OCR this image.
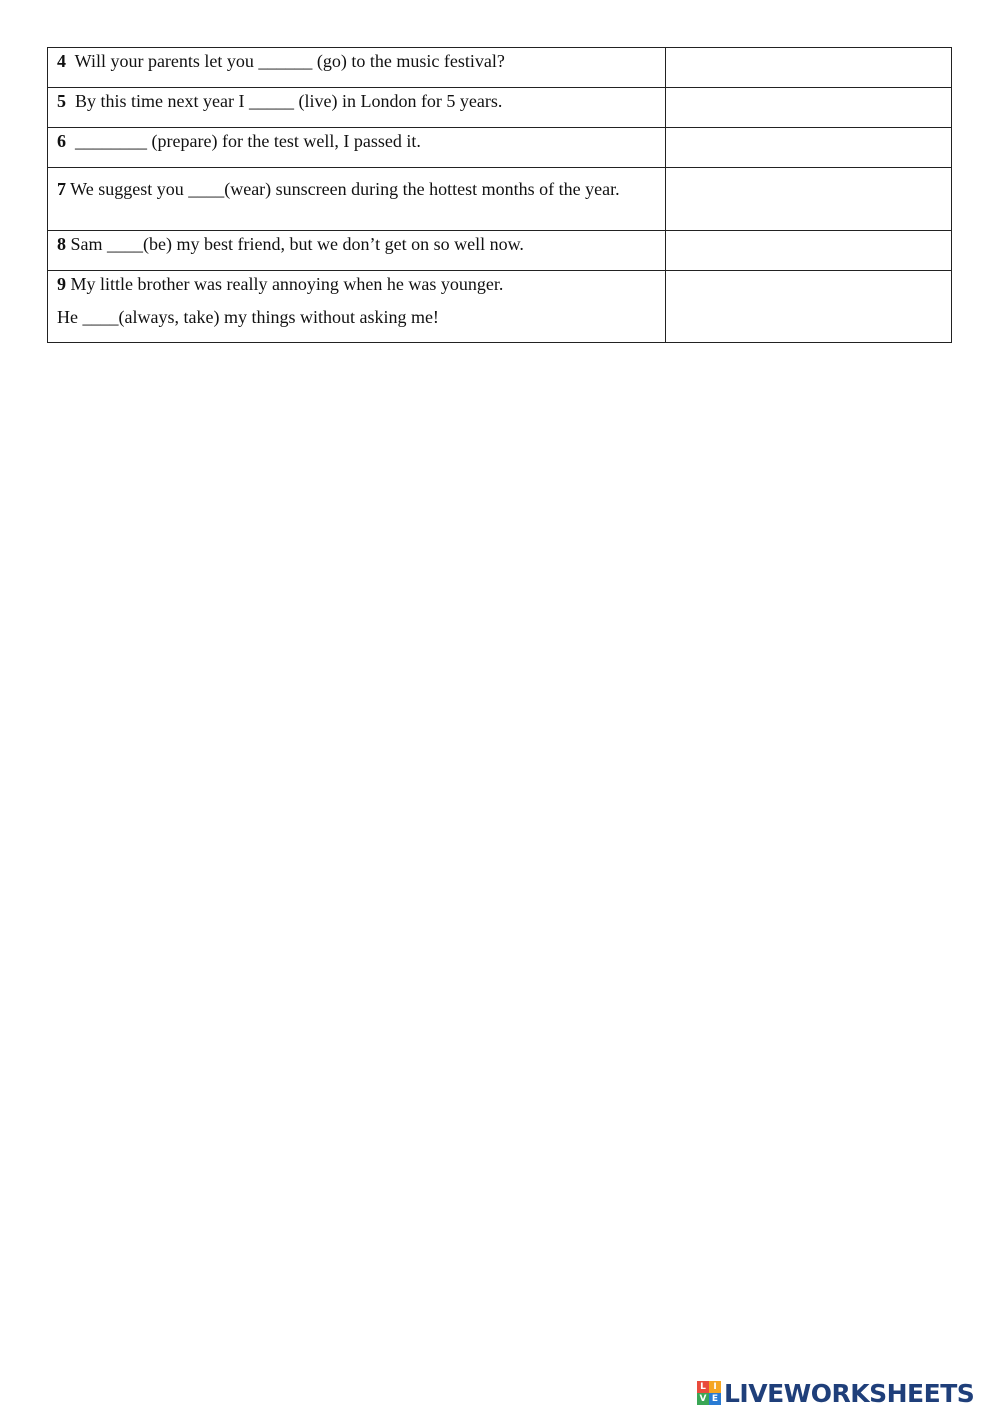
4  Will your parents let you ______ (go) to the music festival?	

5  By this time next year I _____ (live) in London for 5 years.	

6  ________ (prepare) for the test well, I passed it.	

7 We suggest you ____(wear) sunscreen during the hottest months of the year.	

8 Sam ____(be) my best friend, but we don’t get on so well now.	

9 My little brother was really annoying when he was younger.
He ____(always, take) my things without asking me!

L I
V E LIVEWORKSHEETS
